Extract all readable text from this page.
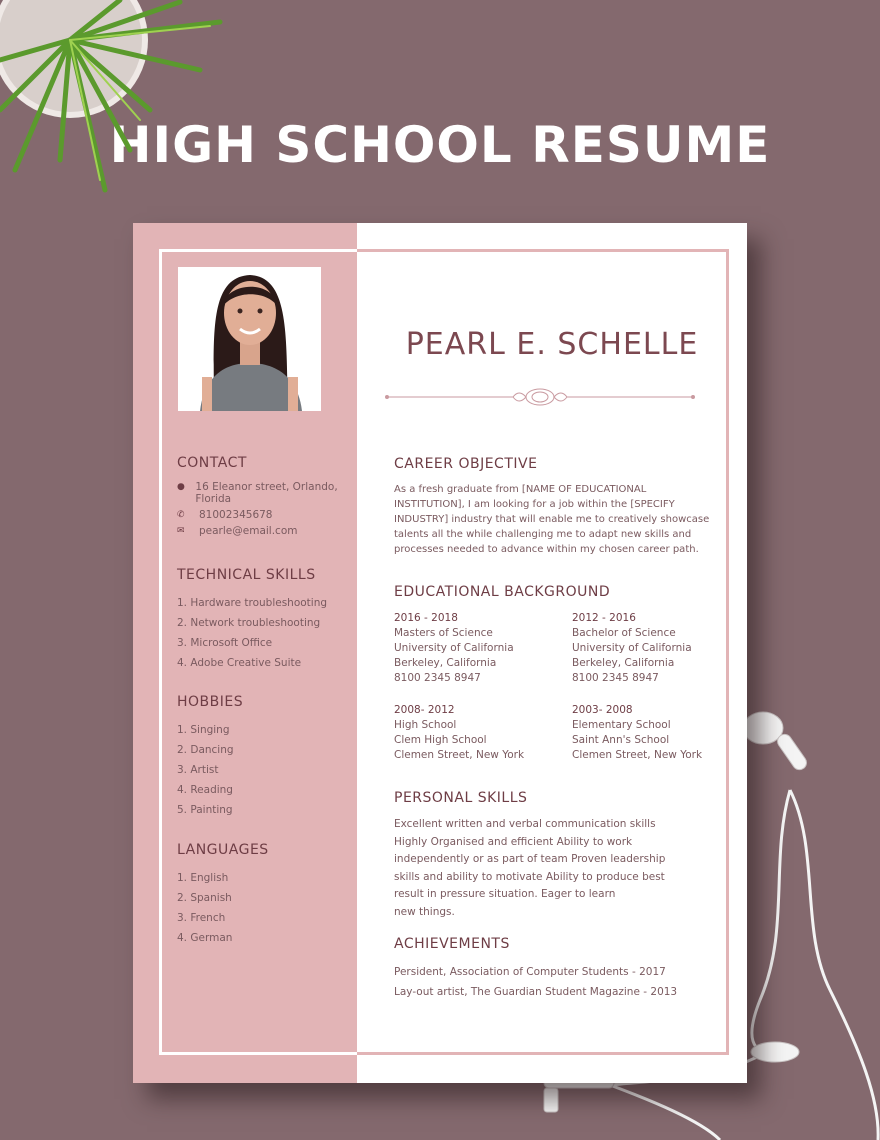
HIGH SCHOOL RESUME
CONTACT
●	16 Eleanor street, Orlando, Florida
✆	81002345678
✉	pearle@email.com
TECHNICAL SKILLS
1. Hardware troubleshooting
2. Network troubleshooting
3. Microsoft Office
4. Adobe Creative Suite
HOBBIES
1. Singing
2. Dancing
3. Artist
4. Reading
5. Painting
LANGUAGES
1. English
2. Spanish
3. French
4. German
PEARL E. SCHELLE
CAREER OBJECTIVE
As a fresh graduate from [NAME OF EDUCATIONAL
INSTITUTION], I am looking for a job within the [SPECIFY
INDUSTRY] industry that will enable me to creatively showcase
talents all the while challenging me to adapt new skills and
processes needed to advance within my chosen career path.
EDUCATIONAL BACKGROUND
2016 - 2018
Masters of Science
University of California
Berkeley, California
8100 2345 8947
2012 - 2016
Bachelor of Science
University of California
Berkeley, California
8100 2345 8947
2008- 2012
High School
Clem High School
Clemen Street, New York
2003- 2008
Elementary School
Saint Ann's School
Clemen Street, New York
PERSONAL SKILLS
Excellent written and verbal communication skills
Highly Organised and efficient Ability to work
independently or as part of team Proven leadership
skills and ability to motivate Ability to produce best
result in pressure situation. Eager to learn
new things.
ACHIEVEMENTS
Persident, Association of Computer Students - 2017
Lay-out artist, The Guardian Student Magazine - 2013
